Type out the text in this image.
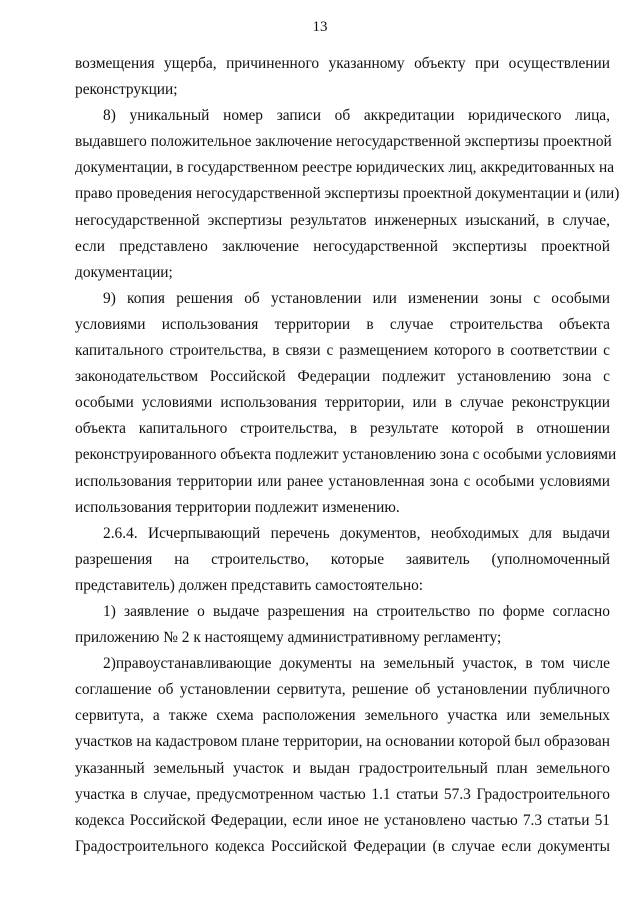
13
возмещения ущерба, причиненного указанному объекту при осуществлении
реконструкции;
8) уникальный номер записи об аккредитации юридического лица,
выдавшего положительное заключение негосударственной экспертизы проектной
документации, в государственном реестре юридических лиц, аккредитованных на
право проведения негосударственной экспертизы проектной документации и (или)
негосударственной экспертизы результатов инженерных изысканий, в случае,
если представлено заключение негосударственной экспертизы проектной
документации;
9) копия решения об установлении или изменении зоны с особыми
условиями использования территории в случае строительства объекта
капитального строительства, в связи с размещением которого в соответствии с
законодательством Российской Федерации подлежит установлению зона с
особыми условиями использования территории, или в случае реконструкции
объекта капитального строительства, в результате которой в отношении
реконструированного объекта подлежит установлению зона с особыми условиями
использования территории или ранее установленная зона с особыми условиями
использования территории подлежит изменению.
2.6.4. Исчерпывающий перечень документов, необходимых для выдачи
разрешения на строительство, которые заявитель (уполномоченный
представитель) должен представить самостоятельно:
1) заявление о выдаче разрешения на строительство по форме согласно
приложению № 2 к настоящему административному регламенту;
2)правоустанавливающие документы на земельный участок, в том числе
соглашение об установлении сервитута, решение об установлении публичного
сервитута, а также схема расположения земельного участка или земельных
участков на кадастровом плане территории, на основании которой был образован
указанный земельный участок и выдан градостроительный план земельного
участка в случае, предусмотренном частью 1.1 статьи 57.3 Градостроительного
кодекса Российской Федерации, если иное не установлено частью 7.3 статьи 51
Градостроительного кодекса Российской Федерации (в случае если документы
